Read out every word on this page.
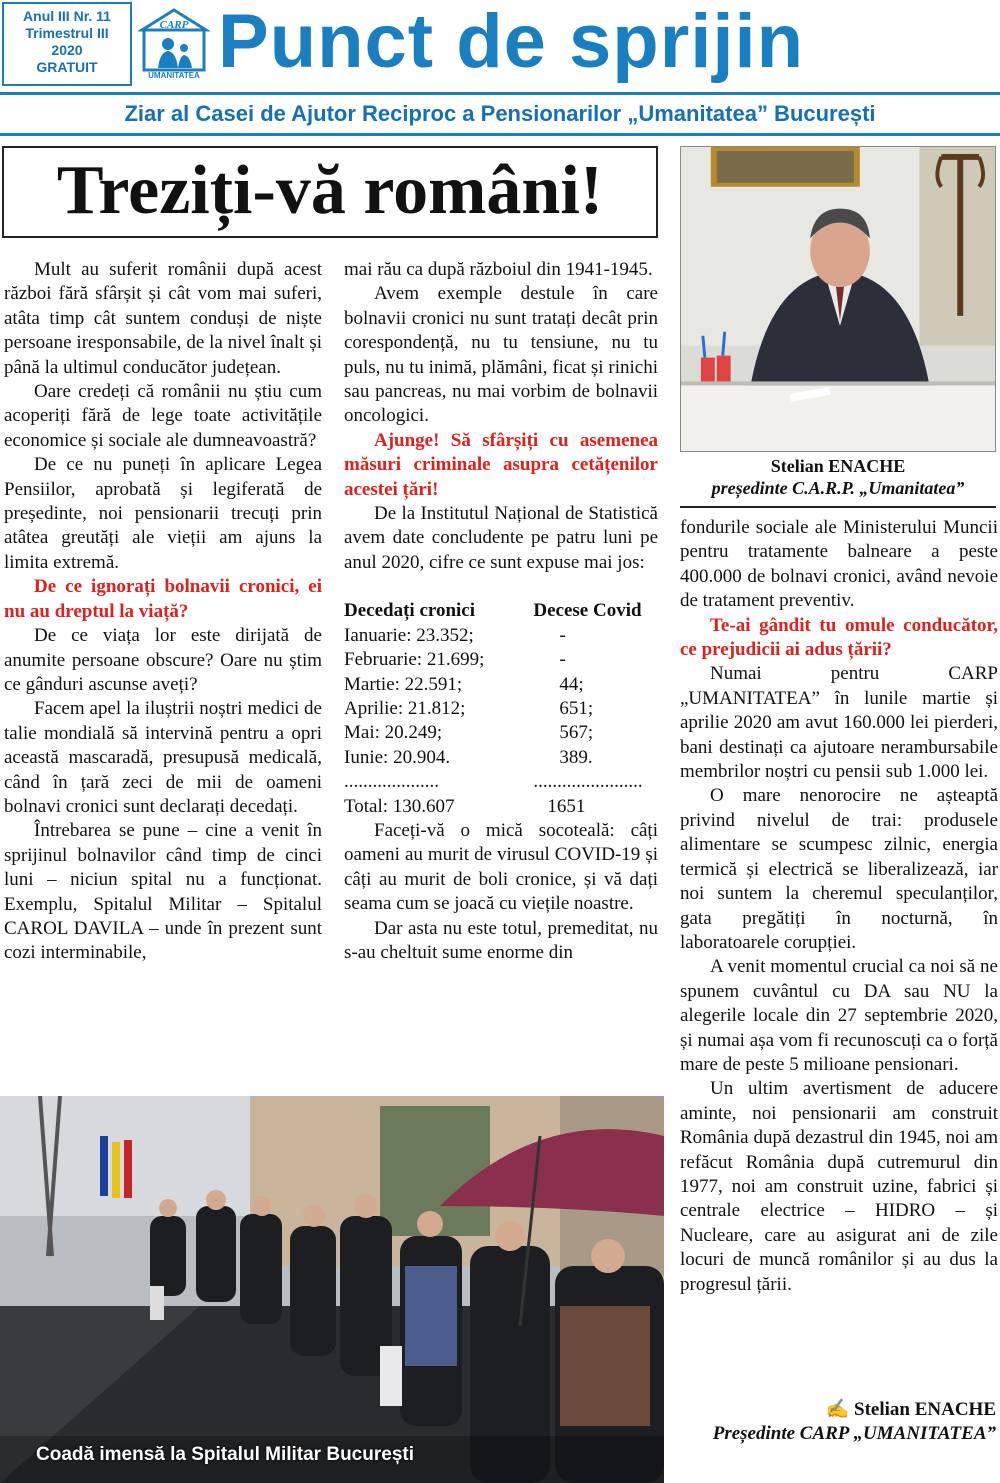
Anul III Nr. 11
Trimestrul III
2020
GRATUIT
CARP
UMANITATEA Punct de sprijin
Ziar al Casei de Ajutor Reciproc a Pensionarilor „Umanitatea” București
Treziți-vă români!
Stelian ENACHE
președinte C.A.R.P. „Umanitatea”

Mult au suferit românii după acest război fără sfârșit și cât vom mai suferi, atâta timp cât suntem conduși de niște persoane iresponsabile, de la nivel înalt și până la ultimul conducător județean.

Oare credeți că românii nu știu cum acoperiți fără de lege toate activitățile economice și sociale ale dumneavoastră?

De ce nu puneți în aplicare Legea Pensiilor, aprobată și legiferată de președinte, noi pensionarii trecuți prin atâtea greutăți ale vieții am ajuns la limita extremă.

De ce ignorați bolnavii cronici, ei nu au dreptul la viață?

De ce viața lor este dirijată de anumite persoane obscure? Oare nu știm ce gânduri ascunse aveți?

Facem apel la iluștrii noștri medici de talie mondială să intervină pentru a opri această mascaradă, presupusă medicală, când în țară zeci de mii de oameni bolnavi cronici sunt declarați decedați.

Întrebarea se pune – cine a venit în sprijinul bolnavilor când timp de cinci luni – niciun spital nu a funcționat. Exemplu, Spitalul Militar – Spitalul CAROL DAVILA – unde în prezent sunt cozi interminabile,

mai rău ca după războiul din 1941-1945.

Avem exemple destule în care bolnavii cronici nu sunt tratați decât prin corespondență, nu tu tensiune, nu tu puls, nu tu inimă, plămâni, ficat și rinichi sau pancreas, nu mai vorbim de bolnavii oncologici.

Ajunge! Să sfârșiți cu asemenea măsuri criminale asupra cetățenilor acestei țări!

De la Institutul Național de Statistică avem date concludente pe patru luni pe anul 2020, cifre ce sunt expuse mai jos:

Decedați cronici	Decese Covid
Ianuarie: 23.352;	-
Februarie: 21.699;	-
Martie: 22.591;	44;
Aprilie: 21.812;	651;
Mai: 20.249;	567;
Iunie: 20.904.	389.
....................	.......................
Total: 130.607	1651

Faceți-vă o mică socoteală: câți oameni au murit de virusul COVID-19 și câți au murit de boli cronice, și vă dați seama cum se joacă cu viețile noastre.

Dar asta nu este totul, premeditat, nu s-au cheltuit sume enorme din

fondurile sociale ale Ministerului Muncii pentru tratamente balneare a peste 400.000 de bolnavi cronici, având nevoie de tratament preventiv.

Te-ai gândit tu omule conducător, ce prejudicii ai adus țării?

Numai pentru CARP „UMANITATEA” în lunile martie și aprilie 2020 am avut 160.000 lei pierderi, bani destinați ca ajutoare nerambursabile membrilor noștri cu pensii sub 1.000 lei.

O mare nenorocire ne așteaptă privind nivelul de trai: produsele alimentare se scumpesc zilnic, energia termică și electrică se liberalizează, iar noi suntem la cheremul speculanților, gata pregătiți în nocturnă, în laboratoarele corupției.

A venit momentul crucial ca noi să ne spunem cuvântul cu DA sau NU la alegerile locale din 27 septembrie 2020, și numai așa vom fi recunoscuți ca o forță mare de peste 5 milioane pensionari.

Un ultim avertisment de aducere aminte, noi pensionarii am construit România după dezastrul din 1945, noi am refăcut România după cutremurul din 1977, noi am construit uzine, fabrici și centrale electrice – HIDRO – și Nucleare, care au asigurat ani de zile locuri de muncă românilor și au dus la progresul țării.

✍ Stelian ENACHE
Președinte CARP „UMANITATEA”
Coadă imensă la Spitalul Militar București
